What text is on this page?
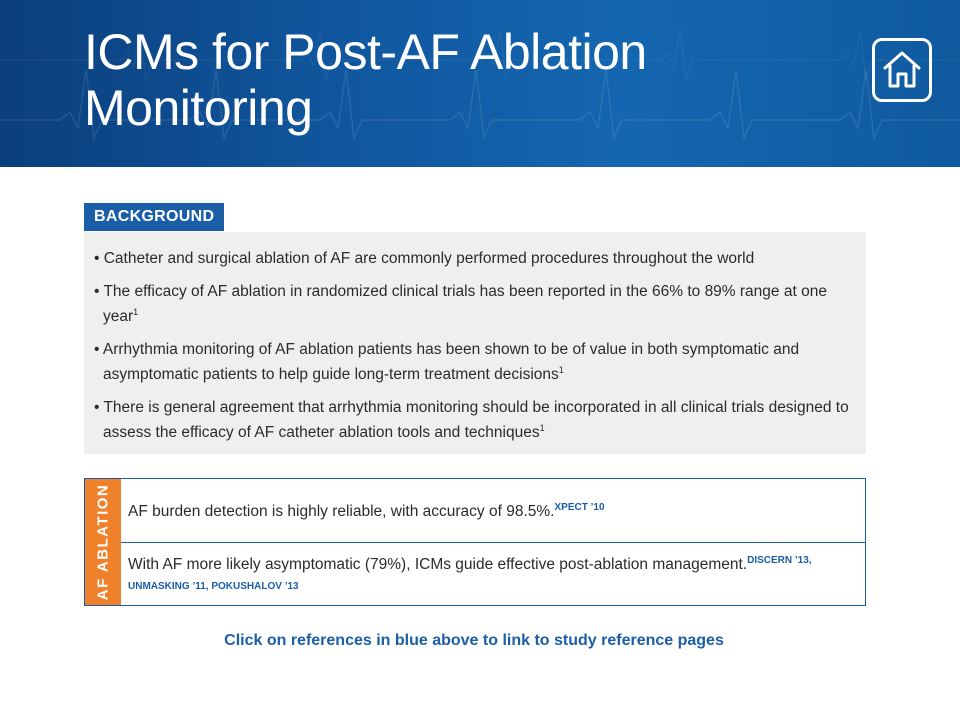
ICMs for Post-AF Ablation
Monitoring
BACKGROUND
• Catheter and surgical ablation of AF are commonly performed procedures throughout the world
• The efficacy of AF ablation in randomized clinical trials has been reported in the 66% to 89% range at one year$^1$
• Arrhythmia monitoring of AF ablation patients has been shown to be of value in both symptomatic and asymptomatic patients to help guide long-term treatment decisions$^1$
• There is general agreement that arrhythmia monitoring should be incorporated in all clinical trials designed to assess the efficacy of AF catheter ablation tools and techniques$^1$
AF ABLATION AF burden detection is highly reliable, with accuracy of 98.5%.$^{XPECT ’10}$
With AF more likely asymptomatic (79%), ICMs guide effective post-ablation management.$^{DISCERN ’13,}$
UNMASKING ’11, POKUSHALOV ’13
Click on references in blue above to link to study reference pages
